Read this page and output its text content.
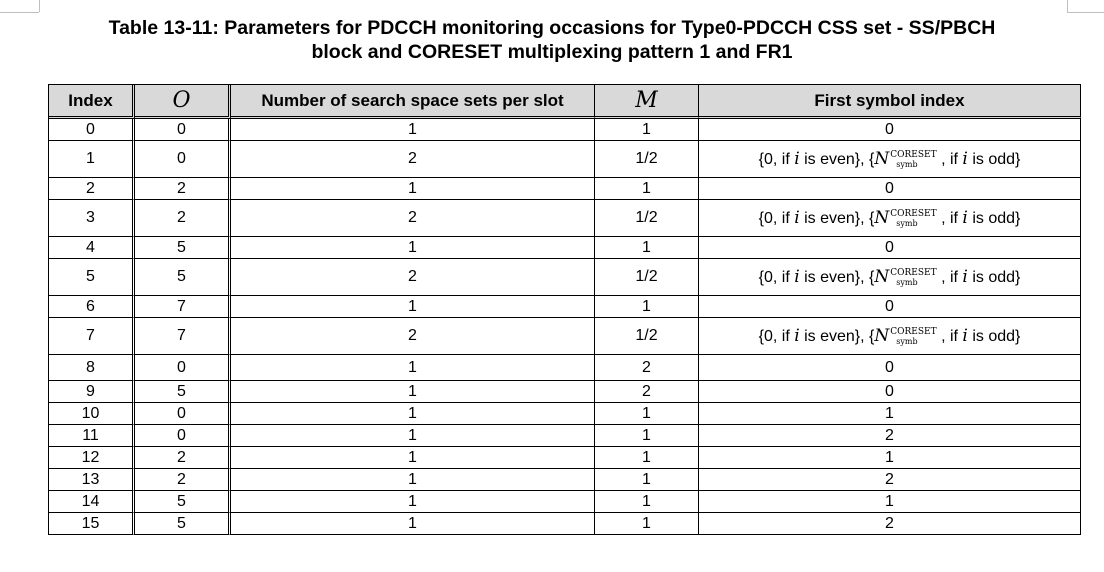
Table 13-11: Parameters for PDCCH monitoring occasions for Type0-PDCCH CSS set - SS/PBCH
block and CORESET multiplexing pattern 1 and FR1
Index	O	Number of search space sets per slot	M	First symbol index
0	0	1	1	0
1	0	2	1/2	{0, if i is even}, {N CORESET
symb , if i is odd}
2	2	1	1	0
3	2	2	1/2	{0, if i is even}, {N CORESET
symb , if i is odd}
4	5	1	1	0
5	5	2	1/2	{0, if i is even}, {N CORESET
symb , if i is odd}
6	7	1	1	0
7	7	2	1/2	{0, if i is even}, {N CORESET
symb , if i is odd}
8	0	1	2	0
9	5	1	2	0
10	0	1	1	1
11	0	1	1	2
12	2	1	1	1
13	2	1	1	2
14	5	1	1	1
15	5	1	1	2
